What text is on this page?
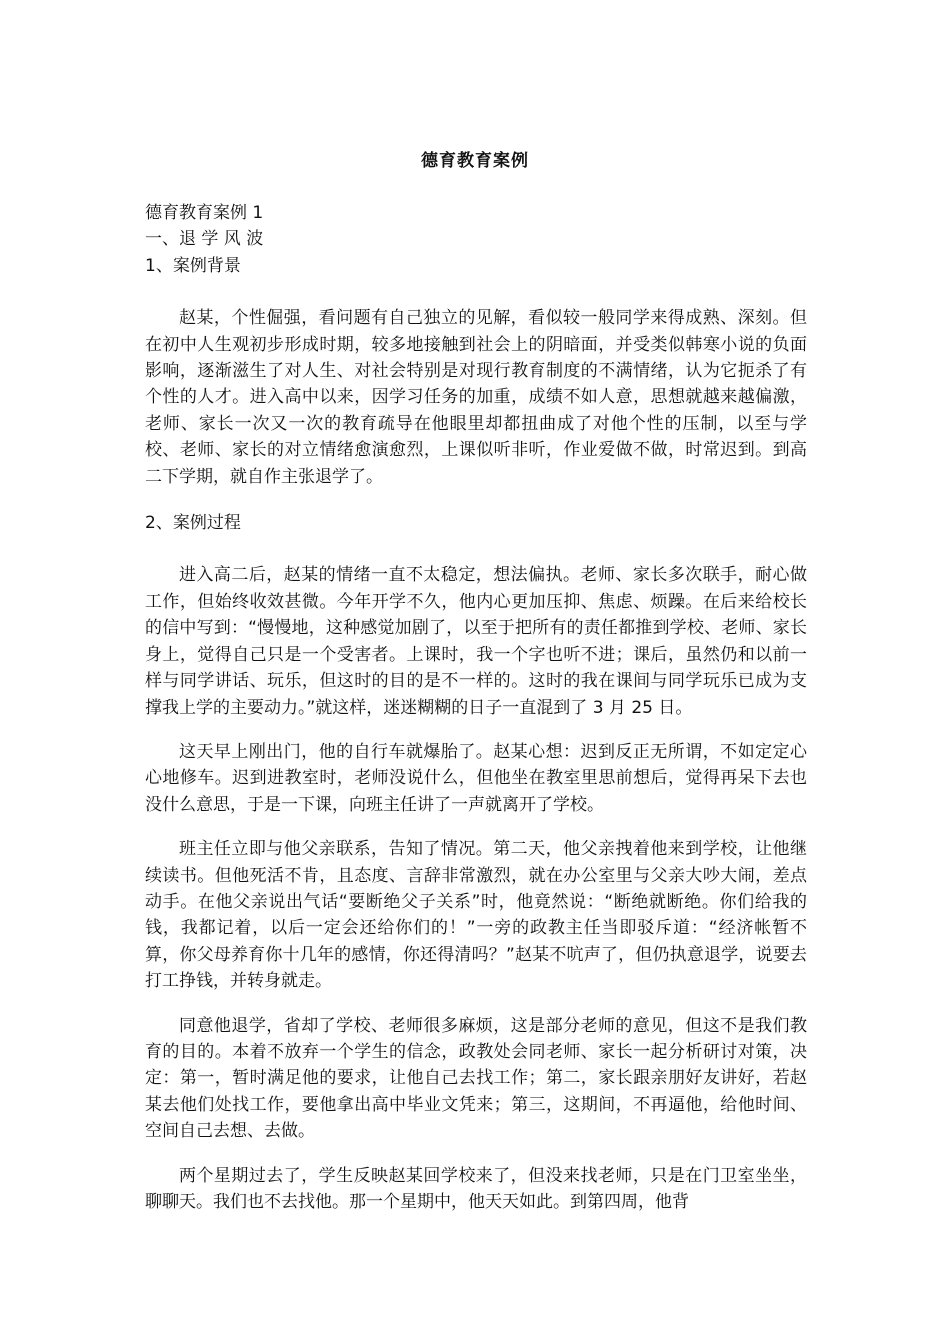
德育教育案例

德育教育案例 1

一、退 学 风 波

1、案例背景

赵某，个性倔强，看问题有自己独立的见解，看似较一般同学来得成熟、深刻。但在初中人生观初步形成时期，较多地接触到社会上的阴暗面，并受类似韩寒小说的负面影响，逐渐滋生了对人生、对社会特别是对现行教育制度的不满情绪，认为它扼杀了有个性的人才。进入高中以来，因学习任务的加重，成绩不如人意，思想就越来越偏激，老师、家长一次又一次的教育疏导在他眼里却都扭曲成了对他个性的压制，以至与学校、老师、家长的对立情绪愈演愈烈，上课似听非听，作业爱做不做，时常迟到。到高二下学期，就自作主张退学了。

2、案例过程

进入高二后，赵某的情绪一直不太稳定，想法偏执。老师、家长多次联手，耐心做工作，但始终收效甚微。今年开学不久，他内心更加压抑、焦虑、烦躁。在后来给校长的信中写到：“慢慢地，这种感觉加剧了，以至于把所有的责任都推到学校、老师、家长身上，觉得自己只是一个受害者。上课时，我一个字也听不进；课后，虽然仍和以前一样与同学讲话、玩乐，但这时的目的是不一样的。这时的我在课间与同学玩乐已成为支撑我上学的主要动力。”就这样，迷迷糊糊的日子一直混到了 3 月 25 日。

这天早上刚出门，他的自行车就爆胎了。赵某心想：迟到反正无所谓，不如定定心心地修车。迟到进教室时，老师没说什么，但他坐在教室里思前想后，觉得再呆下去也没什么意思，于是一下课，向班主任讲了一声就离开了学校。

班主任立即与他父亲联系，告知了情况。第二天，他父亲拽着他来到学校，让他继续读书。但他死活不肯，且态度、言辞非常激烈，就在办公室里与父亲大吵大闹，差点动手。在他父亲说出气话“要断绝父子关系”时，他竟然说：“断绝就断绝。你们给我的钱，我都记着，以后一定会还给你们的！”一旁的政教主任当即驳斥道：“经济帐暂不算，你父母养育你十几年的感情，你还得清吗？”赵某不吭声了，但仍执意退学，说要去打工挣钱，并转身就走。

同意他退学，省却了学校、老师很多麻烦，这是部分老师的意见，但这不是我们教育的目的。本着不放弃一个学生的信念，政教处会同老师、家长一起分析研讨对策，决定：第一，暂时满足他的要求，让他自己去找工作；第二，家长跟亲朋好友讲好，若赵某去他们处找工作，要他拿出高中毕业文凭来；第三，这期间，不再逼他，给他时间、空间自己去想、去做。

两个星期过去了，学生反映赵某回学校来了，但没来找老师，只是在门卫室坐坐，聊聊天。我们也不去找他。那一个星期中，他天天如此。到第四周，他背
